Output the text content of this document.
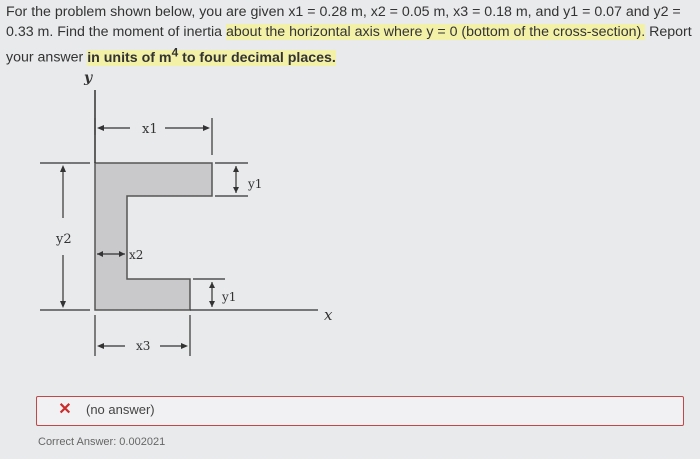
For the problem shown below, you are given x1 = 0.28 m, x2 = 0.05 m, x3 = 0.18 m, and y1 = 0.07 and y2 = 0.33 m. Find the moment of inertia about the horizontal axis where y = 0 (bottom of the cross-section). Report your answer in units of $m^4$ to four decimal places.
y
x
x1
y2
x2
y1
y1
x3
✕ (no answer)
Correct Answer: 0.002021
